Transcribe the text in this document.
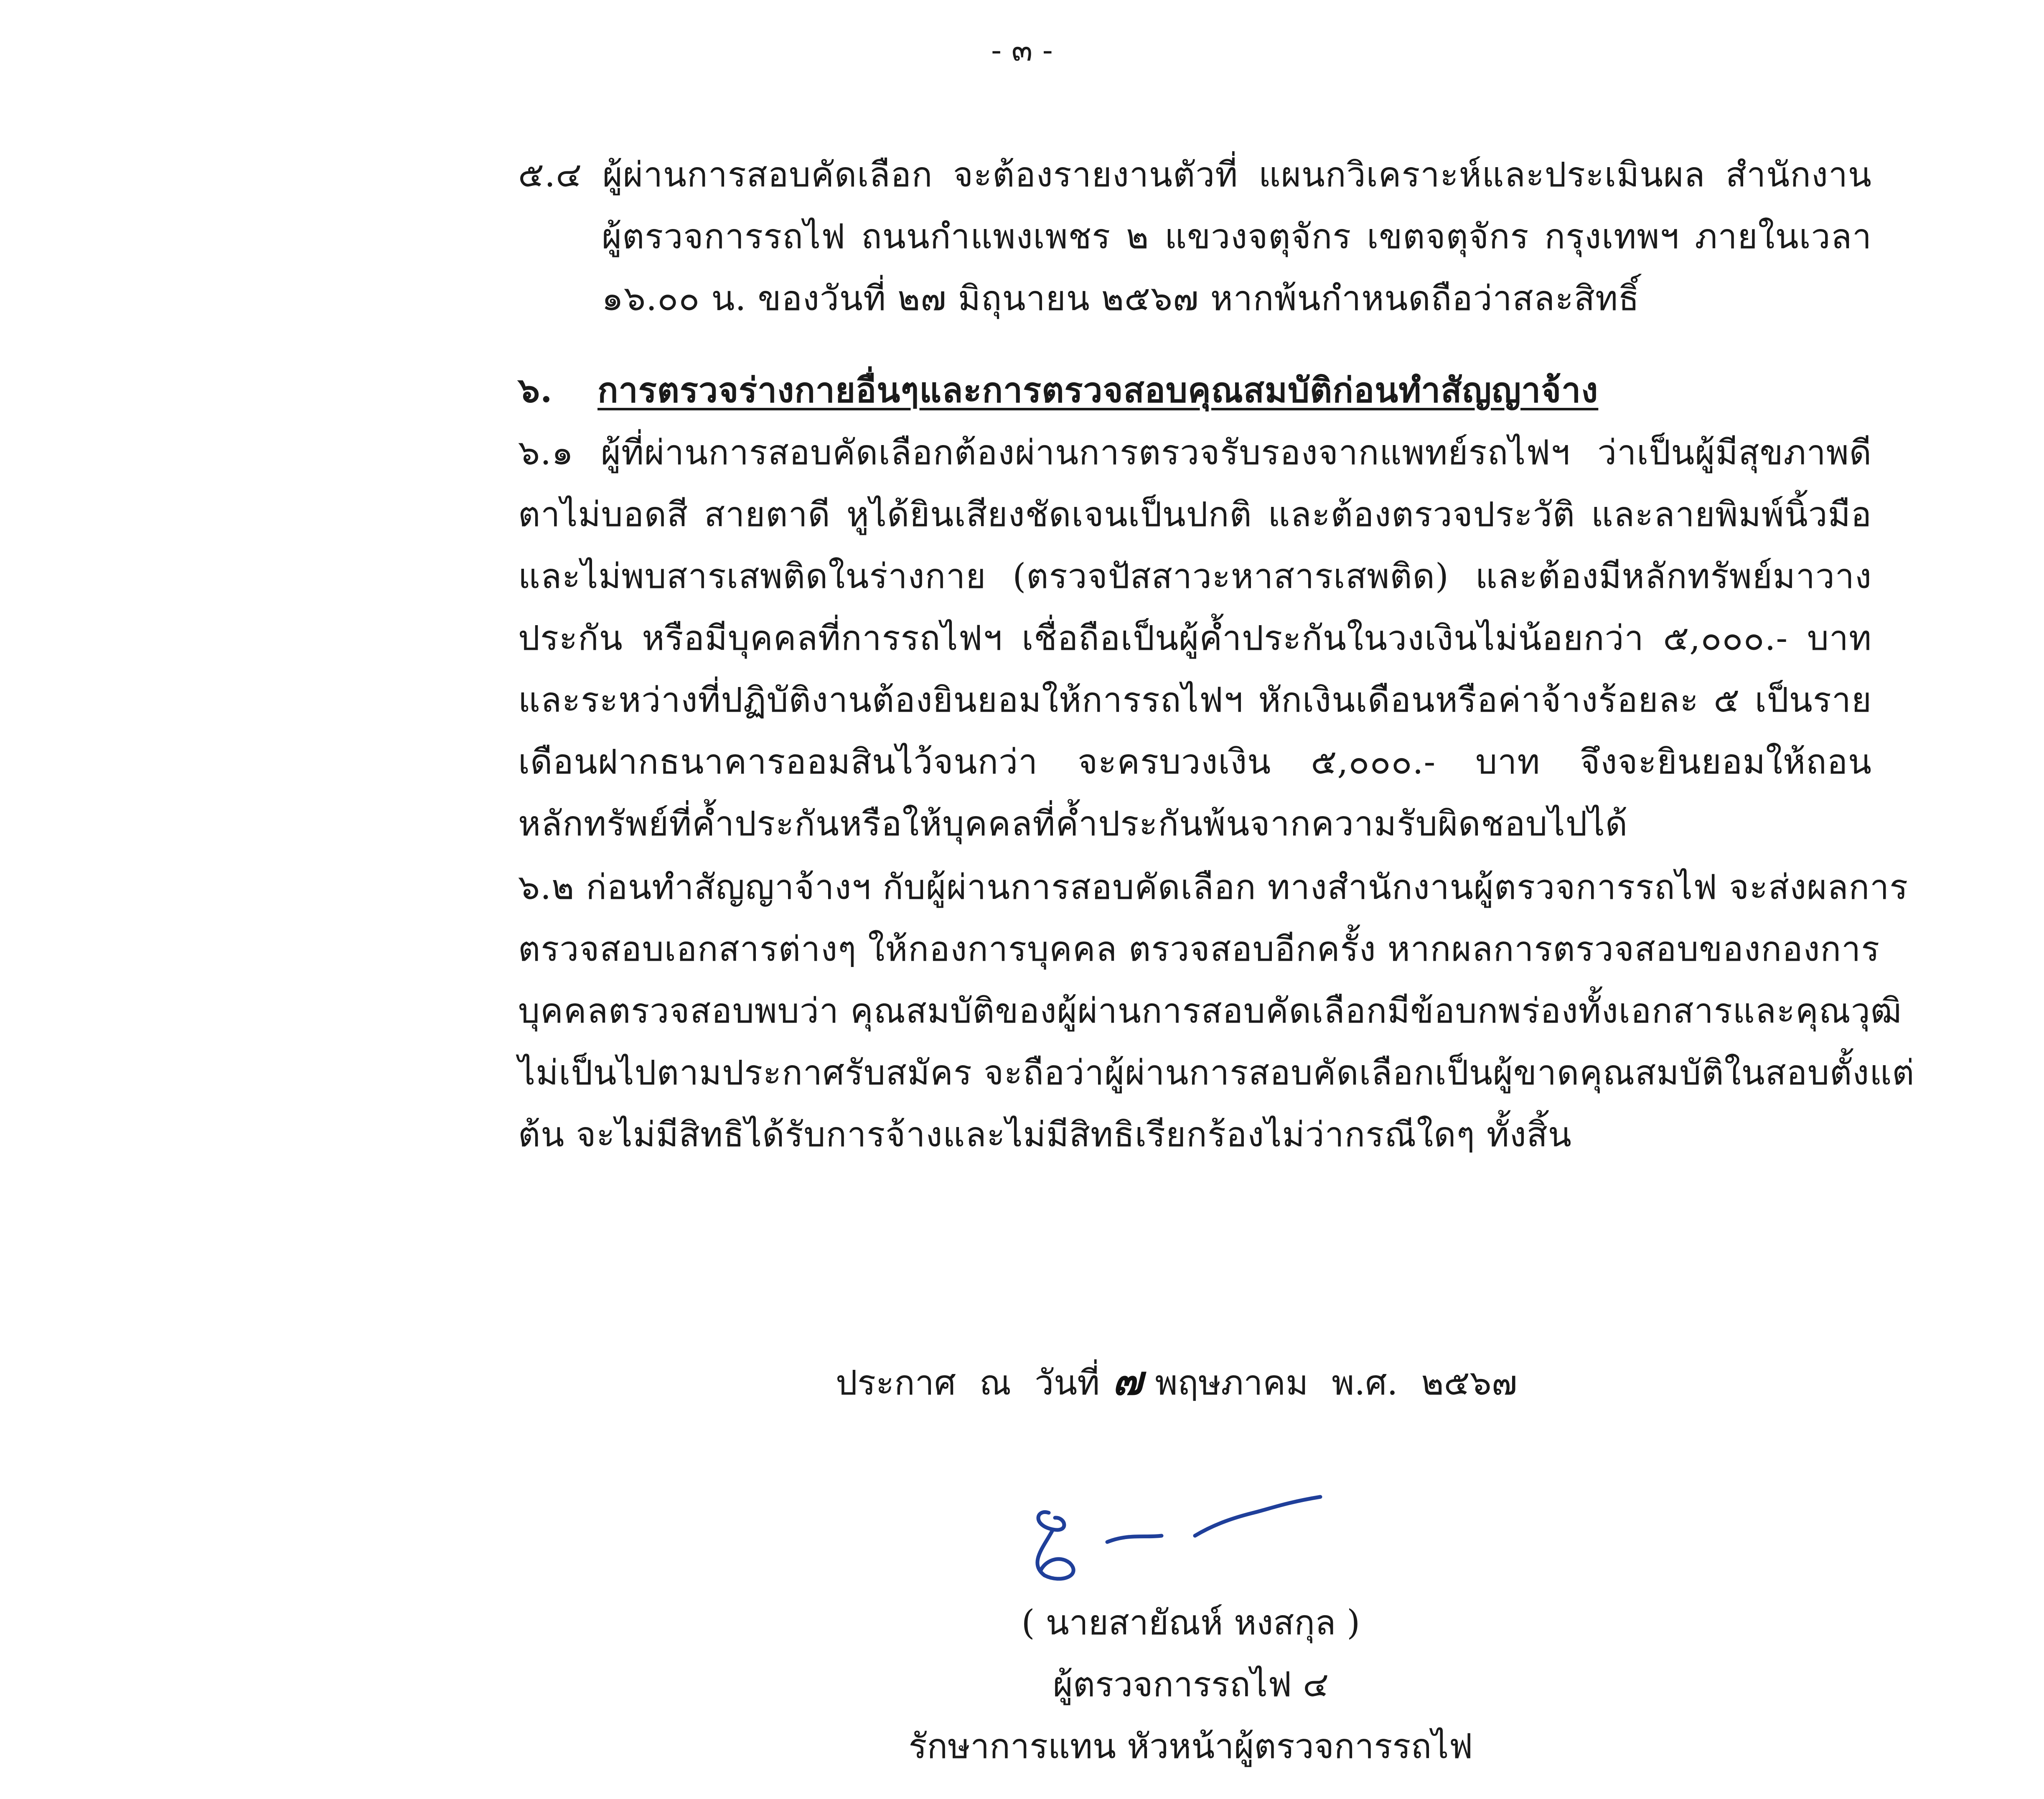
- ๓ -
๕.๔ ผู้ผ่านการสอบคัดเลือก จะต้องรายงานตัวที่ แผนกวิเคราะห์และประเมินผล สำนักงาน
ผู้ตรวจการรถไฟ ถนนกำแพงเพชร ๒ แขวงจตุจักร เขตจตุจักร กรุงเทพฯ ภายในเวลา
๑๖.๐๐ น. ของวันที่ ๒๗ มิถุนายน ๒๕๖๗ หากพ้นกำหนดถือว่าสละสิทธิ์
๖. การตรวจร่างกายอื่นๆและการตรวจสอบคุณสมบัติก่อนทำสัญญาจ้าง
๖.๑ ผู้ที่ผ่านการสอบคัดเลือกต้องผ่านการตรวจรับรองจากแพทย์รถไฟฯ ว่าเป็นผู้มีสุขภาพดี
ตาไม่บอดสี สายตาดี หูได้ยินเสียงชัดเจนเป็นปกติ และต้องตรวจประวัติ และลายพิมพ์นิ้วมือ
และไม่พบสารเสพติดในร่างกาย (ตรวจปัสสาวะหาสารเสพติด) และต้องมีหลักทรัพย์มาวาง
ประกัน หรือมีบุคคลที่การรถไฟฯ เชื่อถือเป็นผู้ค้ำประกันในวงเงินไม่น้อยกว่า ๕,๐๐๐.- บาท
และระหว่างที่ปฏิบัติงานต้องยินยอมให้การรถไฟฯ หักเงินเดือนหรือค่าจ้างร้อยละ ๕ เป็นราย
เดือนฝากธนาคารออมสินไว้จนกว่า จะครบวงเงิน ๕,๐๐๐.- บาท จึงจะยินยอมให้ถอน
หลักทรัพย์ที่ค้ำประกันหรือให้บุคคลที่ค้ำประกันพ้นจากความรับผิดชอบไปได้
๖.๒ ก่อนทำสัญญาจ้างฯ กับผู้ผ่านการสอบคัดเลือก ทางสำนักงานผู้ตรวจการรถไฟ จะส่งผลการ
ตรวจสอบเอกสารต่างๆ ให้กองการบุคคล ตรวจสอบอีกครั้ง หากผลการตรวจสอบของกองการ
บุคคลตรวจสอบพบว่า คุณสมบัติของผู้ผ่านการสอบคัดเลือกมีข้อบกพร่องทั้งเอกสารและคุณวุฒิ
ไม่เป็นไปตามประกาศรับสมัคร จะถือว่าผู้ผ่านการสอบคัดเลือกเป็นผู้ขาดคุณสมบัติในสอบตั้งแต่
ต้น จะไม่มีสิทธิได้รับการจ้างและไม่มีสิทธิเรียกร้องไม่ว่ากรณีใดๆ ทั้งสิ้น
ประกาศ ณ วันที่ ๗ พฤษภาคม พ.ศ. ๒๕๖๗
( นายสายัณห์ หงสกุล )
ผู้ตรวจการรถไฟ ๔
รักษาการแทน หัวหน้าผู้ตรวจการรถไฟ
